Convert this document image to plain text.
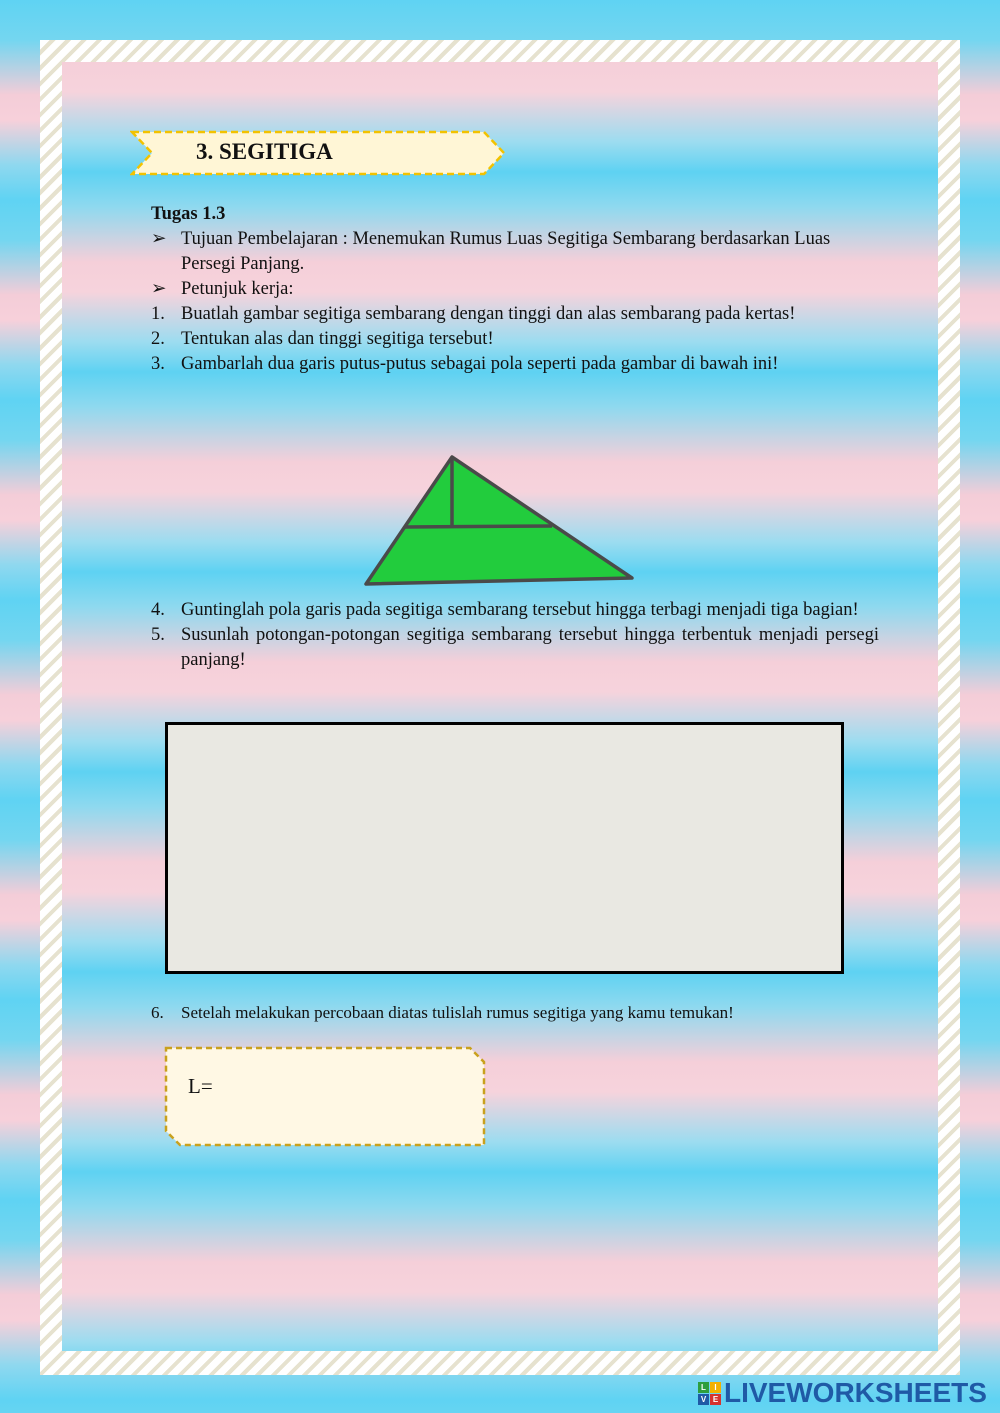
3. SEGITIGA
Tugas 1.3
➢ Tujuan Pembelajaran : Menemukan Rumus Luas Segitiga Sembarang berdasarkan Luas Persegi Panjang.
➢ Petunjuk kerja:
1. Buatlah gambar segitiga sembarang dengan tinggi dan alas sembarang pada kertas!
2. Tentukan alas dan tinggi segitiga tersebut!
3. Gambarlah dua garis putus-putus sebagai pola seperti pada gambar di bawah ini!
4. Guntinglah pola garis pada segitiga sembarang tersebut hingga terbagi menjadi tiga bagian!
5. Susunlah potongan-potongan segitiga sembarang tersebut hingga terbentuk menjadi persegi panjang!
6. Setelah melakukan percobaan diatas tulislah rumus segitiga yang kamu temukan!
L=
L	I
V E LIVEWORKSHEETS
